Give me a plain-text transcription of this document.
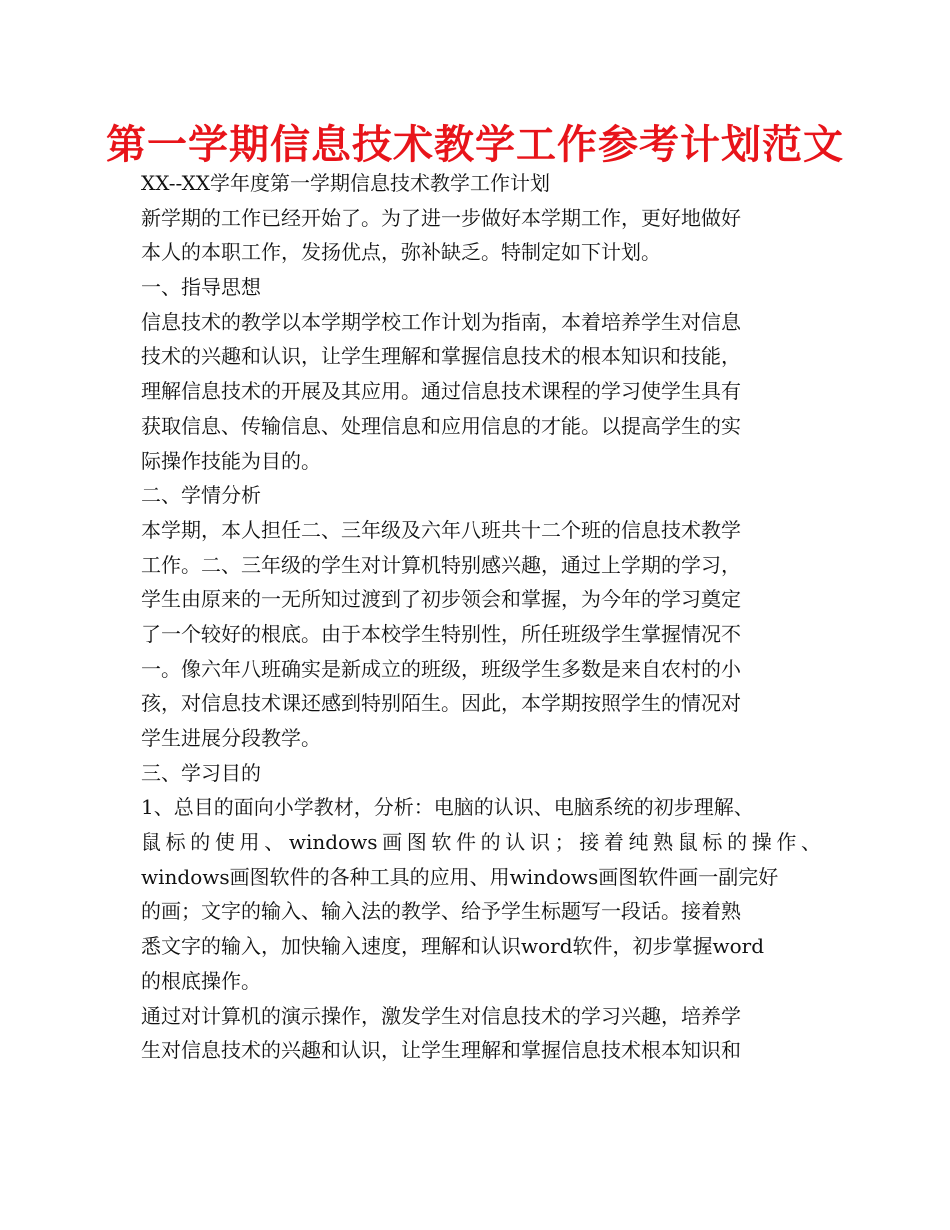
第一学期信息技术教学工作参考计划范文
XX--XX学年度第一学期信息技术教学工作计划
新学期的工作已经开始了。为了进一步做好本学期工作，更好地做好
本人的本职工作，发扬优点，弥补缺乏。特制定如下计划。
一、指导思想
信息技术的教学以本学期学校工作计划为指南，本着培养学生对信息
技术的兴趣和认识，让学生理解和掌握信息技术的根本知识和技能，
理解信息技术的开展及其应用。通过信息技术课程的学习使学生具有
获取信息、传输信息、处理信息和应用信息的才能。以提高学生的实
际操作技能为目的。
二、学情分析
本学期，本人担任二、三年级及六年八班共十二个班的信息技术教学
工作。二、三年级的学生对计算机特别感兴趣，通过上学期的学习，
学生由原来的一无所知过渡到了初步领会和掌握，为今年的学习奠定
了一个较好的根底。由于本校学生特别性，所任班级学生掌握情况不
一。像六年八班确实是新成立的班级，班级学生多数是来自农村的小
孩，对信息技术课还感到特别陌生。因此，本学期按照学生的情况对
学生进展分段教学。
三、学习目的
1、总目的面向小学教材，分析：电脑的认识、电脑系统的初步理解、
鼠标的使用、windows画图软件的认识；接着纯熟鼠标的操作、
windows画图软件的各种工具的应用、用windows画图软件画一副完好
的画；文字的输入、输入法的教学、给予学生标题写一段话。接着熟
悉文字的输入，加快输入速度，理解和认识word软件，初步掌握word
的根底操作。
通过对计算机的演示操作，激发学生对信息技术的学习兴趣，培养学
生对信息技术的兴趣和认识，让学生理解和掌握信息技术根本知识和
